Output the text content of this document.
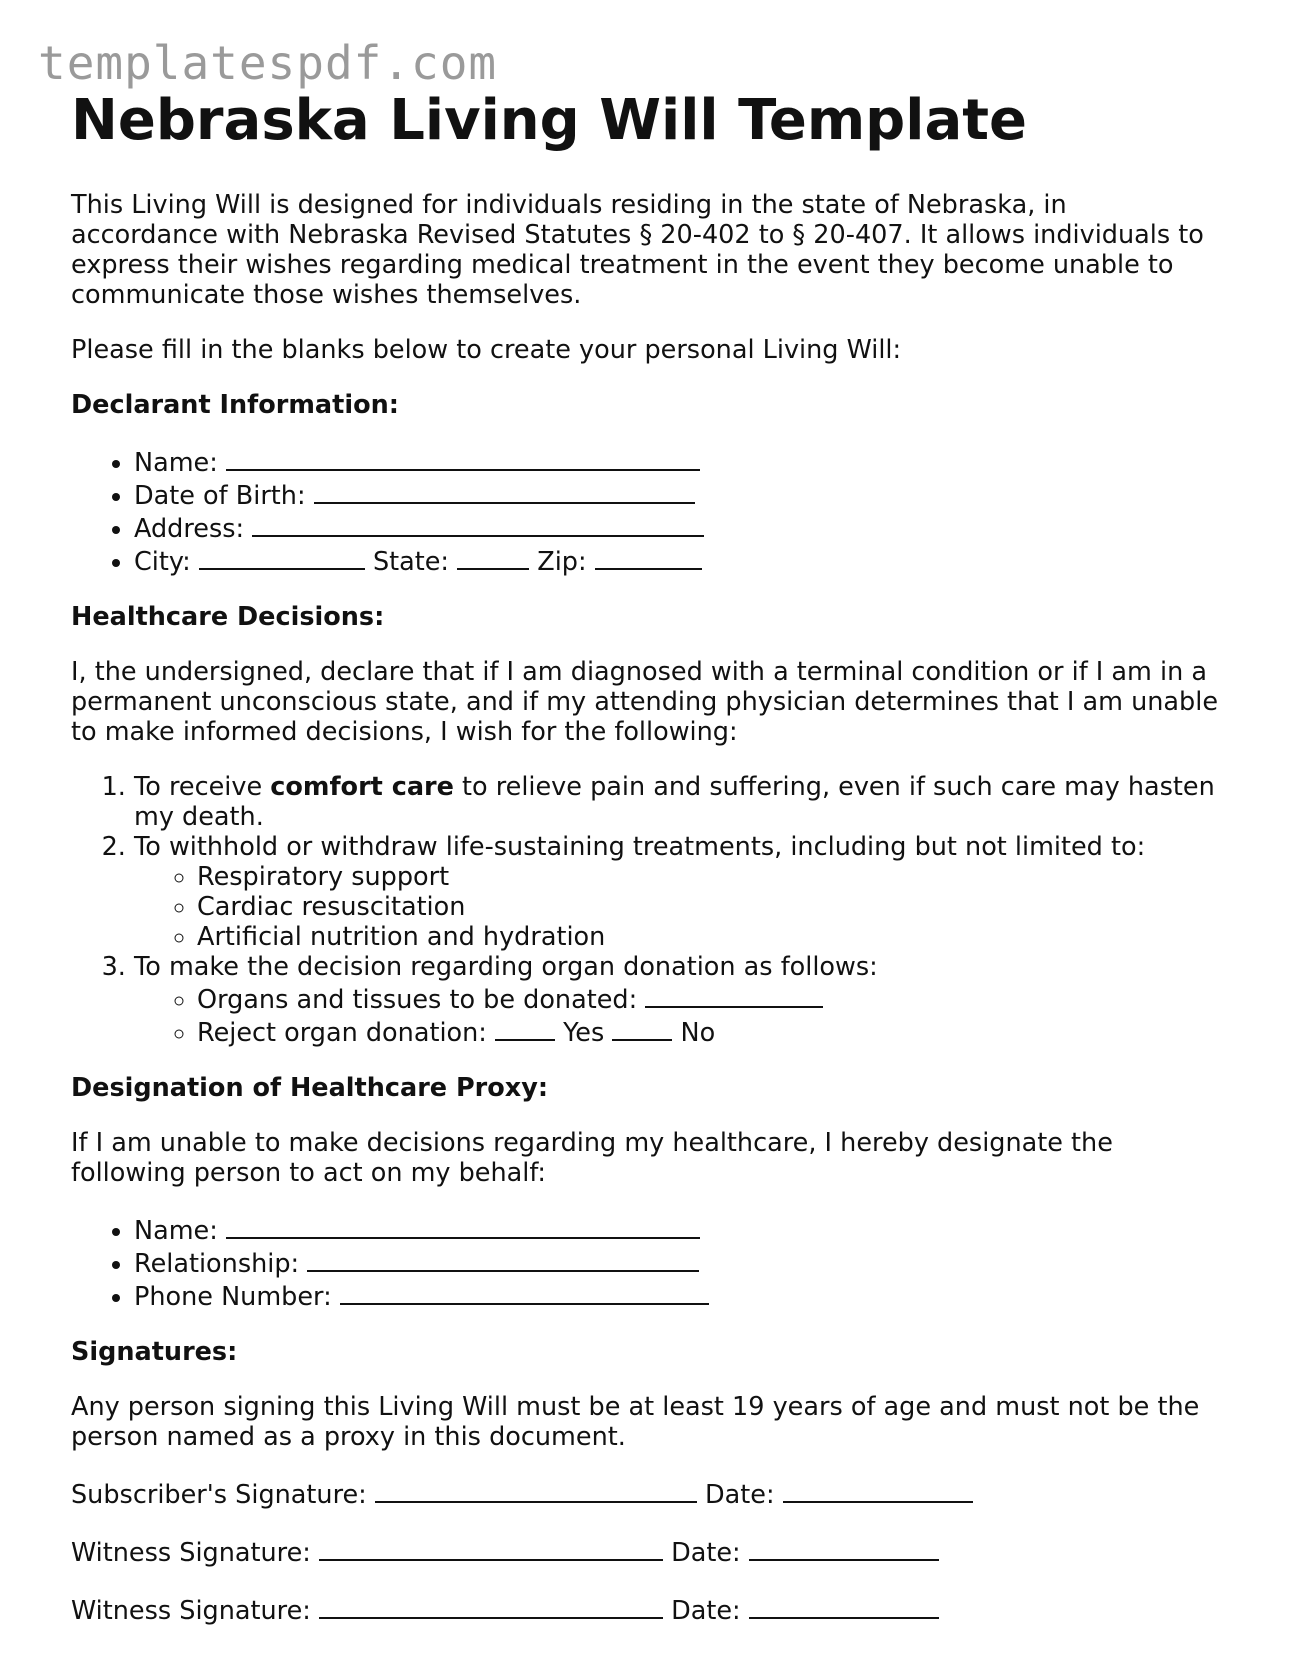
templatespdf.com
Nebraska Living Will Template

This Living Will is designed for individuals residing in the state of Nebraska, in accordance with Nebraska Revised Statutes § 20-402 to § 20-407. It allows individuals to express their wishes regarding medical treatment in the event they become unable to communicate those wishes themselves.

Please fill in the blanks below to create your personal Living Will:

Declarant Information:
• Name:
• Date of Birth:
• Address:
• City:	State:	Zip:
Healthcare Decisions:

I, the undersigned, declare that if I am diagnosed with a terminal condition or if I am in a permanent unconscious state, and if my attending physician determines that I am unable to make informed decisions, I wish for the following:

1. To receive comfort care to relieve pain and suffering, even if such care may hasten my death.
2. To withhold or withdraw life-sustaining treatments, including but not limited to:
◦ Respiratory support
◦ Cardiac resuscitation
◦ Artificial nutrition and hydration
3. To make the decision regarding organ donation as follows:
◦ Organs and tissues to be donated:
◦ Reject organ donation:	Yes	No
Designation of Healthcare Proxy:

If I am unable to make decisions regarding my healthcare, I hereby designate the following person to act on my behalf:

• Name:
• Relationship:
• Phone Number:
Signatures:

Any person signing this Living Will must be at least 19 years of age and must not be the person named as a proxy in this document.

Subscriber's Signature:	Date:
Witness Signature:	Date:
Witness Signature:	Date:
